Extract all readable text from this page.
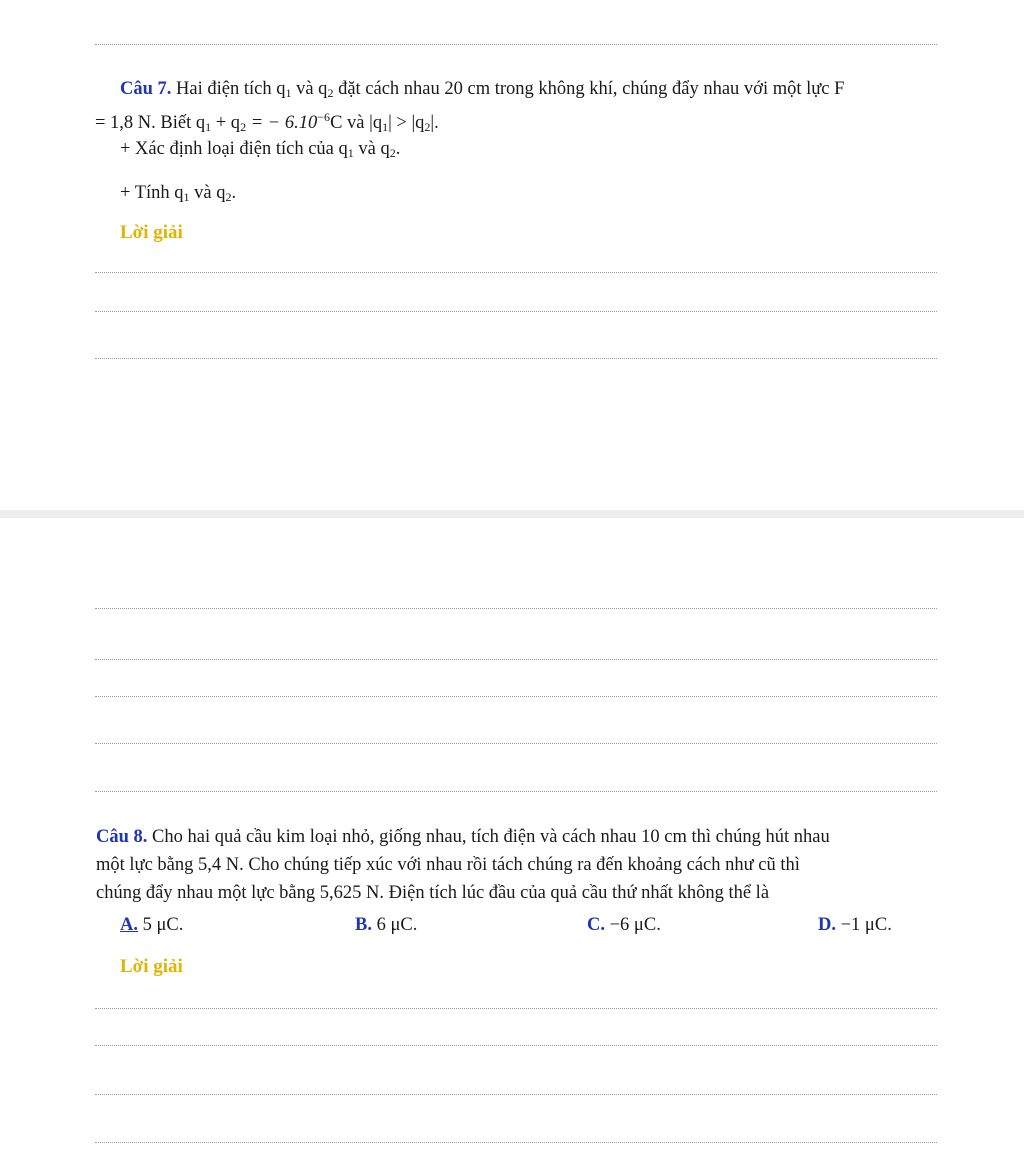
Câu 7. Hai điện tích $q_1$ và $q_2$ đặt cách nhau 20 cm trong không khí, chúng đẩy nhau với một lực F
= 1,8 N. Biết $q_1 + q_2$ = − $6.10^{-6}C$ và $|q_1| > |q_2|$.
+ Xác định loại điện tích của $q_1$ và $q_2$.
+ Tính $q_1$ và $q_2$.
Lời giải
Câu 8. Cho hai quả cầu kim loại nhỏ, giống nhau, tích điện và cách nhau 10 cm thì chúng hút nhau
một lực bằng 5,4 N. Cho chúng tiếp xúc với nhau rồi tách chúng ra đến khoảng cách như cũ thì
chúng đẩy nhau một lực bằng 5,625 N. Điện tích lúc đầu của quả cầu thứ nhất không thể là
A. 5 μC.	B. 6 μC.	C. −6 μC.	D. −1 μC.
Lời giải
